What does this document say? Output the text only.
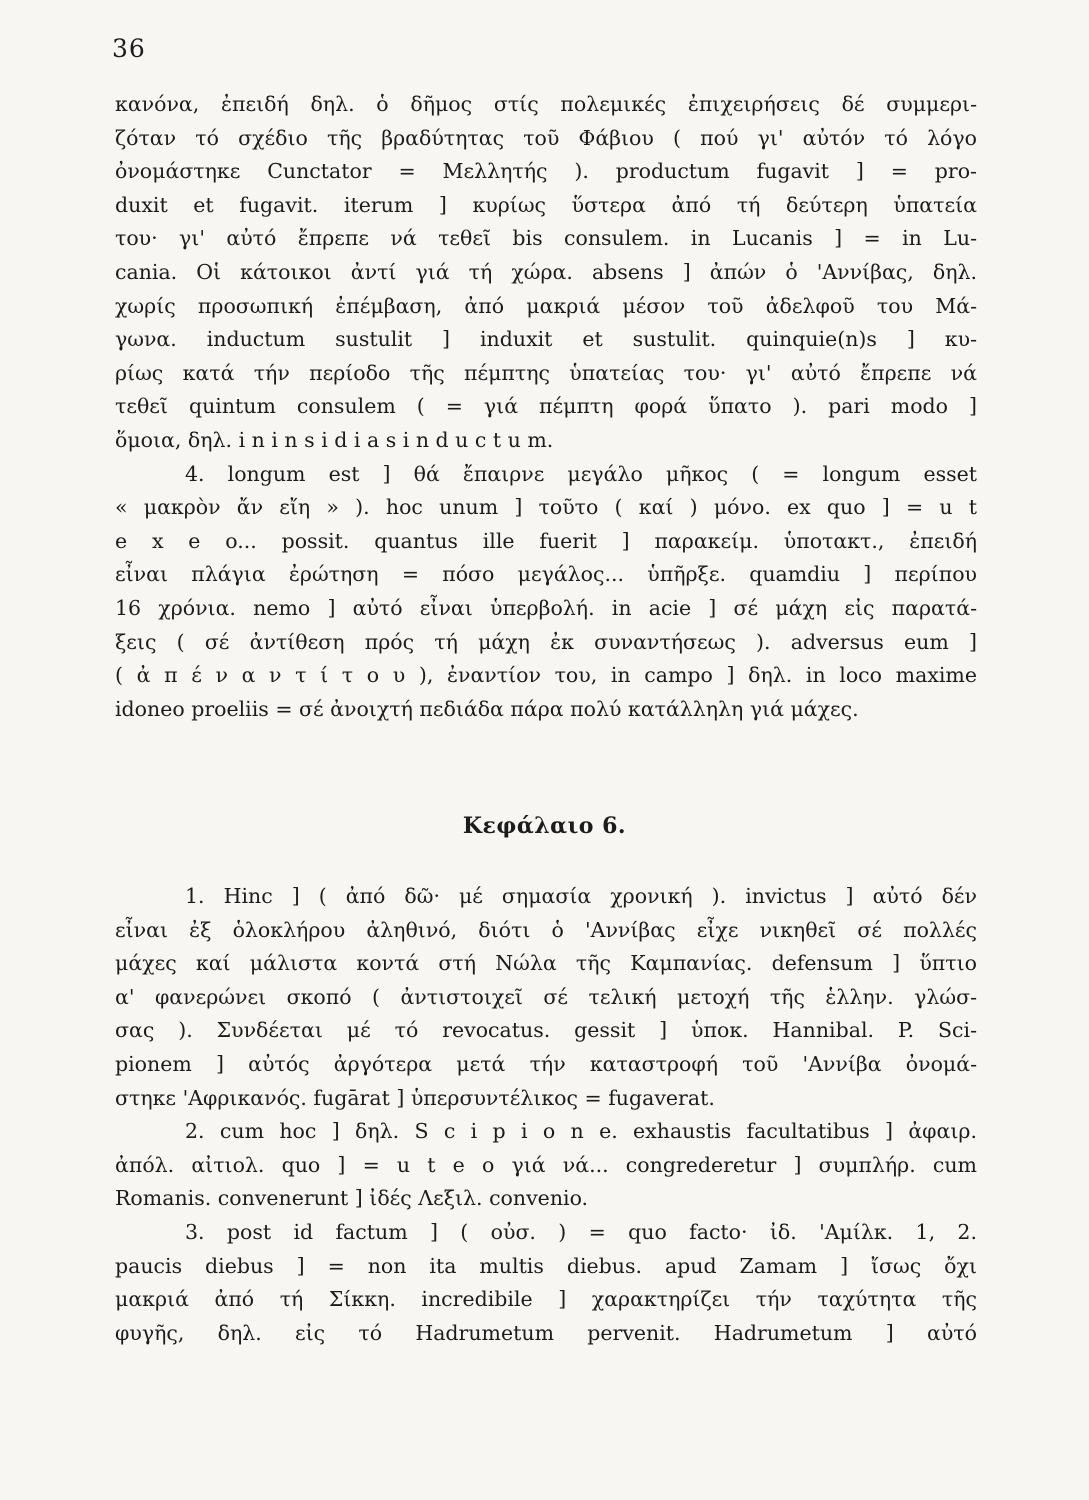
36
κανόνα, ἐπειδή δηλ. ὁ δῆμος στίς πολεμικές ἐπιχειρήσεις δέ συμμερι-
ζόταν τό σχέδιο τῆς βραδύτητας τοῦ Φάβιου ( πού γι' αὐτόν τό λόγο
ὀνομάστηκε Cunctator = Μελλητής ). productum fugavit ] = pro-
duxit et fugavit. iterum ] κυρίως ὕστερα ἀπό τή δεύτερη ὑπατεία
του· γι' αὐτό ἔπρεπε νά τεθεῖ bis consulem. in Lucanis ] = in Lu-
cania. Οἱ κάτοικοι ἀντί γιά τή χώρα. absens ] ἀπών ὁ 'Αννίβας, δηλ.
χωρίς προσωπική ἐπέμβαση, ἀπό μακριά μέσον τοῦ ἀδελφοῦ του Μά-
γωνα. inductum sustulit ] induxit et sustulit. quinquie(n)s ] κυ-
ρίως κατά τήν περίοδο τῆς πέμπτης ὑπατείας του· γι' αὐτό ἔπρεπε νά
τεθεῖ quintum consulem ( = γιά πέμπτη φορά ὕπατο ). pari modo ]
ὅμοια, δηλ. i n i n s i d i a s i n d u c t u m.
4. longum est ] θά ἔπαιρνε μεγάλο μῆκος ( = longum esset
« μακρὸν ἄν εἴη » ). hoc unum ] τοῦτο ( καί ) μόνο. ex quo ] = u t
e x e o... possit. quantus ille fuerit ] παρακείμ. ὑποτακτ., ἐπειδή
εἶναι πλάγια ἐρώτηση = πόσο μεγάλος... ὑπῆρξε. quamdiu ] περίπου
16 χρόνια. nemo ] αὐτό εἶναι ὑπερβολή. in acie ] σέ μάχη εἰς παρατά-
ξεις ( σέ ἀντίθεση πρός τή μάχη ἐκ συναντήσεως ). adversus eum ]
( ἀ π έ ν α ν τ ί τ ο υ ), ἐναντίον του, in campo ] δηλ. in loco maxime
idoneo proeliis = σέ ἀνοιχτή πεδιάδα πάρα πολύ κατάλληλη γιά μάχες.
Κεφάλαιο 6.
1. Hinc ] ( ἀπό δῶ· μέ σημασία χρονική ). invictus ] αὐτό δέν
εἶναι ἐξ ὁλοκλήρου ἀληθινό, διότι ὁ 'Αννίβας εἶχε νικηθεῖ σέ πολλές
μάχες καί μάλιστα κοντά στή Νώλα τῆς Καμπανίας. defensum ] ὕπτιο
α' φανερώνει σκοπό ( ἀντιστοιχεῖ σέ τελική μετοχή τῆς ἑλλην. γλώσ-
σας ). Συνδέεται μέ τό revocatus. gessit ] ὑποκ. Hannibal. P. Sci-
pionem ] αὐτός ἀργότερα μετά τήν καταστροφή τοῦ 'Αννίβα ὀνομά-
στηκε 'Αφρικανός. fugārat ] ὑπερσυντέλικος = fugaverat.
2. cum hoc ] δηλ. S c i p i o n e. exhaustis facultatibus ] ἀφαιρ.
ἀπόλ. αἰτιολ. quo ] = u t e o γιά νά... congrederetur ] συμπλήρ. cum
Romanis. convenerunt ] ἰδές Λεξιλ. convenio.
3. post id factum ] ( οὐσ. ) = quo facto· ἰδ. 'Αμίλκ. 1, 2.
paucis diebus ] = non ita multis diebus. apud Zamam ] ἴσως ὄχι
μακριά ἀπό τή Σίκκη. incredibile ] χαρακτηρίζει τήν ταχύτητα τῆς
φυγῆς, δηλ. εἰς τό Hadrumetum pervenit. Hadrumetum ] αὐτό
